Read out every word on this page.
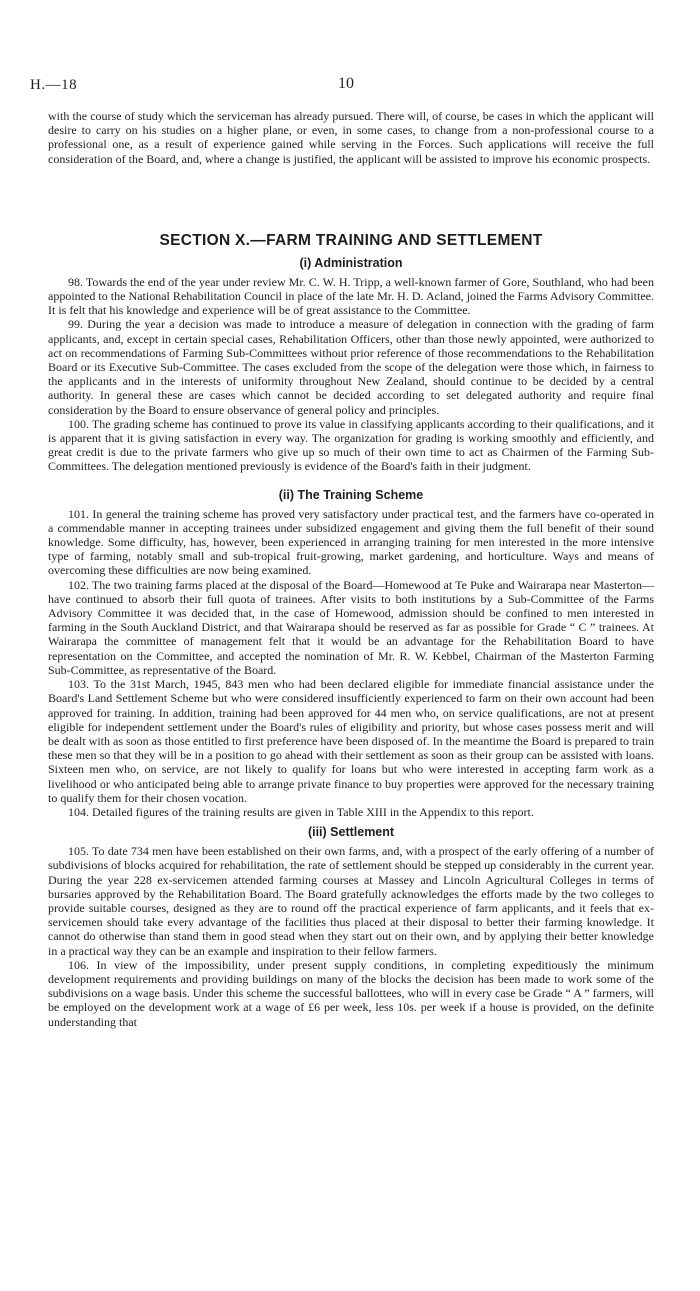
H.—18	10

with the course of study which the serviceman has already pursued. There will, of course, be cases in which the applicant will desire to carry on his studies on a higher plane, or even, in some cases, to change from a non-professional course to a professional one, as a result of experience gained while serving in the Forces. Such applications will receive the full consideration of the Board, and, where a change is justified, the applicant will be assisted to improve his economic prospects.

SECTION X.—FARM TRAINING AND SETTLEMENT
(i) Administration

98. Towards the end of the year under review Mr. C. W. H. Tripp, a well-known farmer of Gore, Southland, who had been appointed to the National Rehabilitation Council in place of the late Mr. H. D. Acland, joined the Farms Advisory Committee. It is felt that his knowledge and experience will be of great assistance to the Committee.

99. During the year a decision was made to introduce a measure of delegation in connection with the grading of farm applicants, and, except in certain special cases, Rehabilitation Officers, other than those newly appointed, were authorized to act on recommendations of Farming Sub-Committees without prior reference of those recommendations to the Rehabilitation Board or its Executive Sub-Committee. The cases excluded from the scope of the delegation were those which, in fairness to the applicants and in the interests of uniformity throughout New Zealand, should continue to be decided by a central authority. In general these are cases which cannot be decided according to set delegated authority and require final consideration by the Board to ensure observance of general policy and principles.

100. The grading scheme has continued to prove its value in classifying applicants according to their qualifications, and it is apparent that it is giving satisfaction in every way. The organization for grading is working smoothly and efficiently, and great credit is due to the private farmers who give up so much of their own time to act as Chairmen of the Farming Sub-Committees. The delegation mentioned previously is evidence of the Board's faith in their judgment.

(ii) The Training Scheme

101. In general the training scheme has proved very satisfactory under practical test, and the farmers have co-operated in a commendable manner in accepting trainees under subsidized engagement and giving them the full benefit of their sound knowledge. Some difficulty, has, however, been experienced in arranging training for men interested in the more intensive type of farming, notably small and sub-tropical fruit-growing, market gardening, and horticulture. Ways and means of overcoming these difficulties are now being examined.

102. The two training farms placed at the disposal of the Board—Homewood at Te Puke and Wairarapa near Masterton—have continued to absorb their full quota of trainees. After visits to both institutions by a Sub-Committee of the Farms Advisory Committee it was decided that, in the case of Homewood, admission should be confined to men interested in farming in the South Auckland District, and that Wairarapa should be reserved as far as possible for Grade “ C ” trainees. At Wairarapa the committee of management felt that it would be an advantage for the Rehabilitation Board to have representation on the Committee, and accepted the nomination of Mr. R. W. Kebbel, Chairman of the Masterton Farming Sub-Committee, as representative of the Board.

103. To the 31st March, 1945, 843 men who had been declared eligible for immediate financial assistance under the Board's Land Settlement Scheme but who were considered insufficiently experienced to farm on their own account had been approved for training. In addition, training had been approved for 44 men who, on service qualifications, are not at present eligible for independent settlement under the Board's rules of eligibility and priority, but whose cases possess merit and will be dealt with as soon as those entitled to first preference have been disposed of. In the meantime the Board is prepared to train these men so that they will be in a position to go ahead with their settlement as soon as their group can be assisted with loans. Sixteen men who, on service, are not likely to qualify for loans but who were interested in accepting farm work as a livelihood or who anticipated being able to arrange private finance to buy properties were approved for the necessary training to qualify them for their chosen vocation.

104. Detailed figures of the training results are given in Table XIII in the Appendix to this report.

(iii) Settlement

105. To date 734 men have been established on their own farms, and, with a prospect of the early offering of a number of subdivisions of blocks acquired for rehabilitation, the rate of settlement should be stepped up considerably in the current year. During the year 228 ex-servicemen attended farming courses at Massey and Lincoln Agricultural Colleges in terms of bursaries approved by the Rehabilitation Board. The Board gratefully acknowledges the efforts made by the two colleges to provide suitable courses, designed as they are to round off the practical experience of farm applicants, and it feels that ex-servicemen should take every advantage of the facilities thus placed at their disposal to better their farming knowledge. It cannot do otherwise than stand them in good stead when they start out on their own, and by applying their better knowledge in a practical way they can be an example and inspiration to their fellow farmers.

106. In view of the impossibility, under present supply conditions, in completing expeditiously the minimum development requirements and providing buildings on many of the blocks the decision has been made to work some of the subdivisions on a wage basis. Under this scheme the successful ballottees, who will in every case be Grade “ A ” farmers, will be employed on the development work at a wage of £6 per week, less 10s. per week if a house is provided, on the definite understanding that
